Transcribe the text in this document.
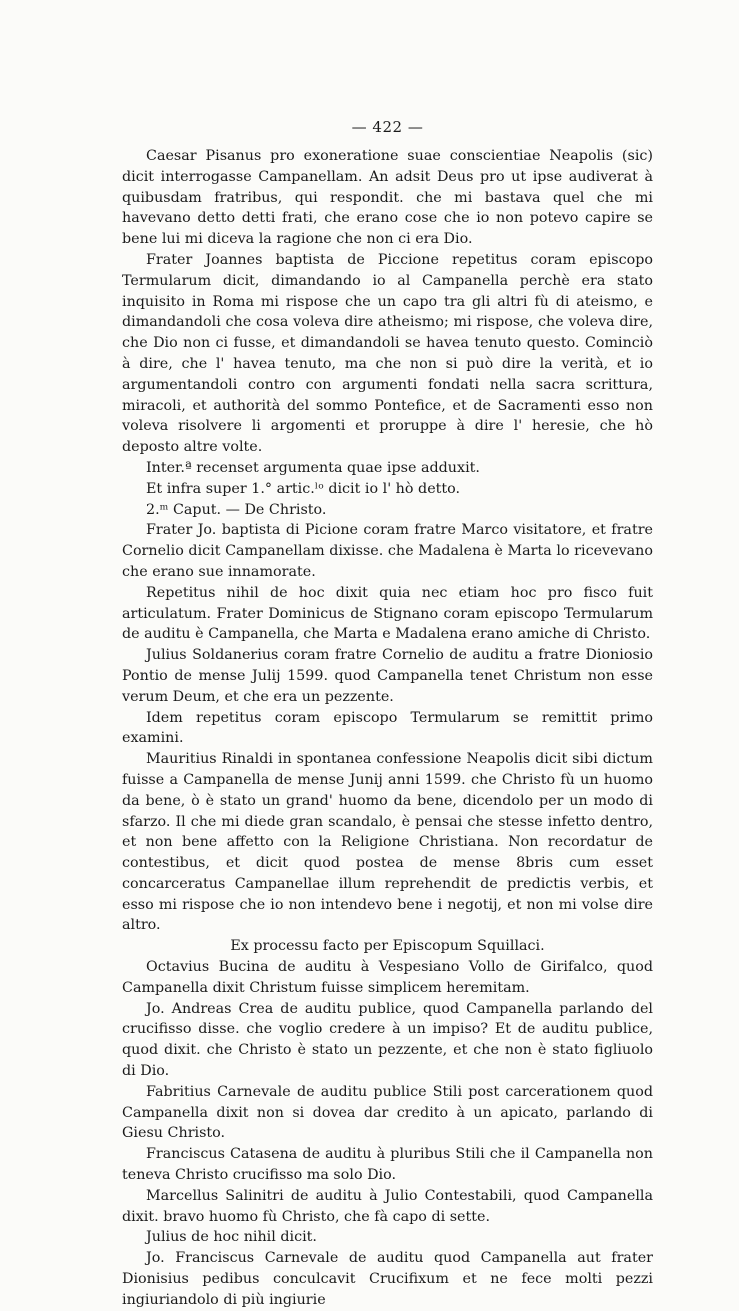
— 422 —

Caesar Pisanus pro exoneratione suae conscientiae Neapolis (sic) dicit interrogasse Campanellam. An adsit Deus pro ut ipse audiverat à quibusdam fratribus, qui respondit. che mi bastava quel che mi havevano detto detti frati, che erano cose che io non potevo capire se bene lui mi diceva la ragione che non ci era Dio.

Frater Joannes baptista de Piccione repetitus coram episcopo Termularum dicit, dimandando io al Campanella perchè era stato inquisito in Roma mi rispose che un capo tra gli altri fù di ateismo, e dimandandoli che cosa voleva dire atheismo; mi rispose, che voleva dire, che Dio non ci fusse, et dimandandoli se havea tenuto questo. Cominciò à dire, che l' havea tenuto, ma che non si può dire la verità, et io argumentandoli contro con argumenti fondati nella sacra scrittura, miracoli, et authorità del sommo Pontefice, et de Sacramenti esso non voleva risolvere li argomenti et proruppe à dire l' heresie, che hò deposto altre volte.

Inter.ª recenset argumenta quae ipse adduxit.

Et infra super 1.° artic.ˡᵒ dicit io l' hò detto.

2.ᵐ Caput. — De Christo.

Frater Jo. baptista di Picione coram fratre Marco visitatore, et fratre Cornelio dicit Campanellam dixisse. che Madalena è Marta lo ricevevano che erano sue innamorate.

Repetitus nihil de hoc dixit quia nec etiam hoc pro fisco fuit articulatum. Frater Dominicus de Stignano coram episcopo Termularum de auditu è Campanella, che Marta e Madalena erano amiche di Christo.

Julius Soldanerius coram fratre Cornelio de auditu a fratre Dioniosio Pontio de mense Julij 1599. quod Campanella tenet Christum non esse verum Deum, et che era un pezzente.

Idem repetitus coram episcopo Termularum se remittit primo examini.

Mauritius Rinaldi in spontanea confessione Neapolis dicit sibi dictum fuisse a Campanella de mense Junij anni 1599. che Christo fù un huomo da bene, ò è stato un grand' huomo da bene, dicendolo per un modo di sfarzo. Il che mi diede gran scandalo, è pensai che stesse infetto dentro, et non bene affetto con la Religione Christiana. Non recordatur de contestibus, et dicit quod postea de mense 8bris cum esset concarceratus Campanellae illum reprehendit de predictis verbis, et esso mi rispose che io non intendevo bene i negotij, et non mi volse dire altro.

Ex processu facto per Episcopum Squillaci.

Octavius Bucina de auditu à Vespesiano Vollo de Girifalco, quod Campanella dixit Christum fuisse simplicem heremitam.

Jo. Andreas Crea de auditu publice, quod Campanella parlando del crucifisso disse. che voglio credere à un impiso? Et de auditu publice, quod dixit. che Christo è stato un pezzente, et che non è stato figliuolo di Dio.

Fabritius Carnevale de auditu publice Stili post carcerationem quod Campanella dixit non si dovea dar credito à un apicato, parlando di Giesu Christo.

Franciscus Catasena de auditu à pluribus Stili che il Campanella non teneva Christo crucifisso ma solo Dio.

Marcellus Salinitri de auditu à Julio Contestabili, quod Campanella dixit. bravo huomo fù Christo, che fà capo di sette.

Julius de hoc nihil dicit.

Jo. Franciscus Carnevale de auditu quod Campanella aut frater Dionisius pedibus conculcavit Crucifixum et ne fece molti pezzi ingiuriandolo di più ingiurie
